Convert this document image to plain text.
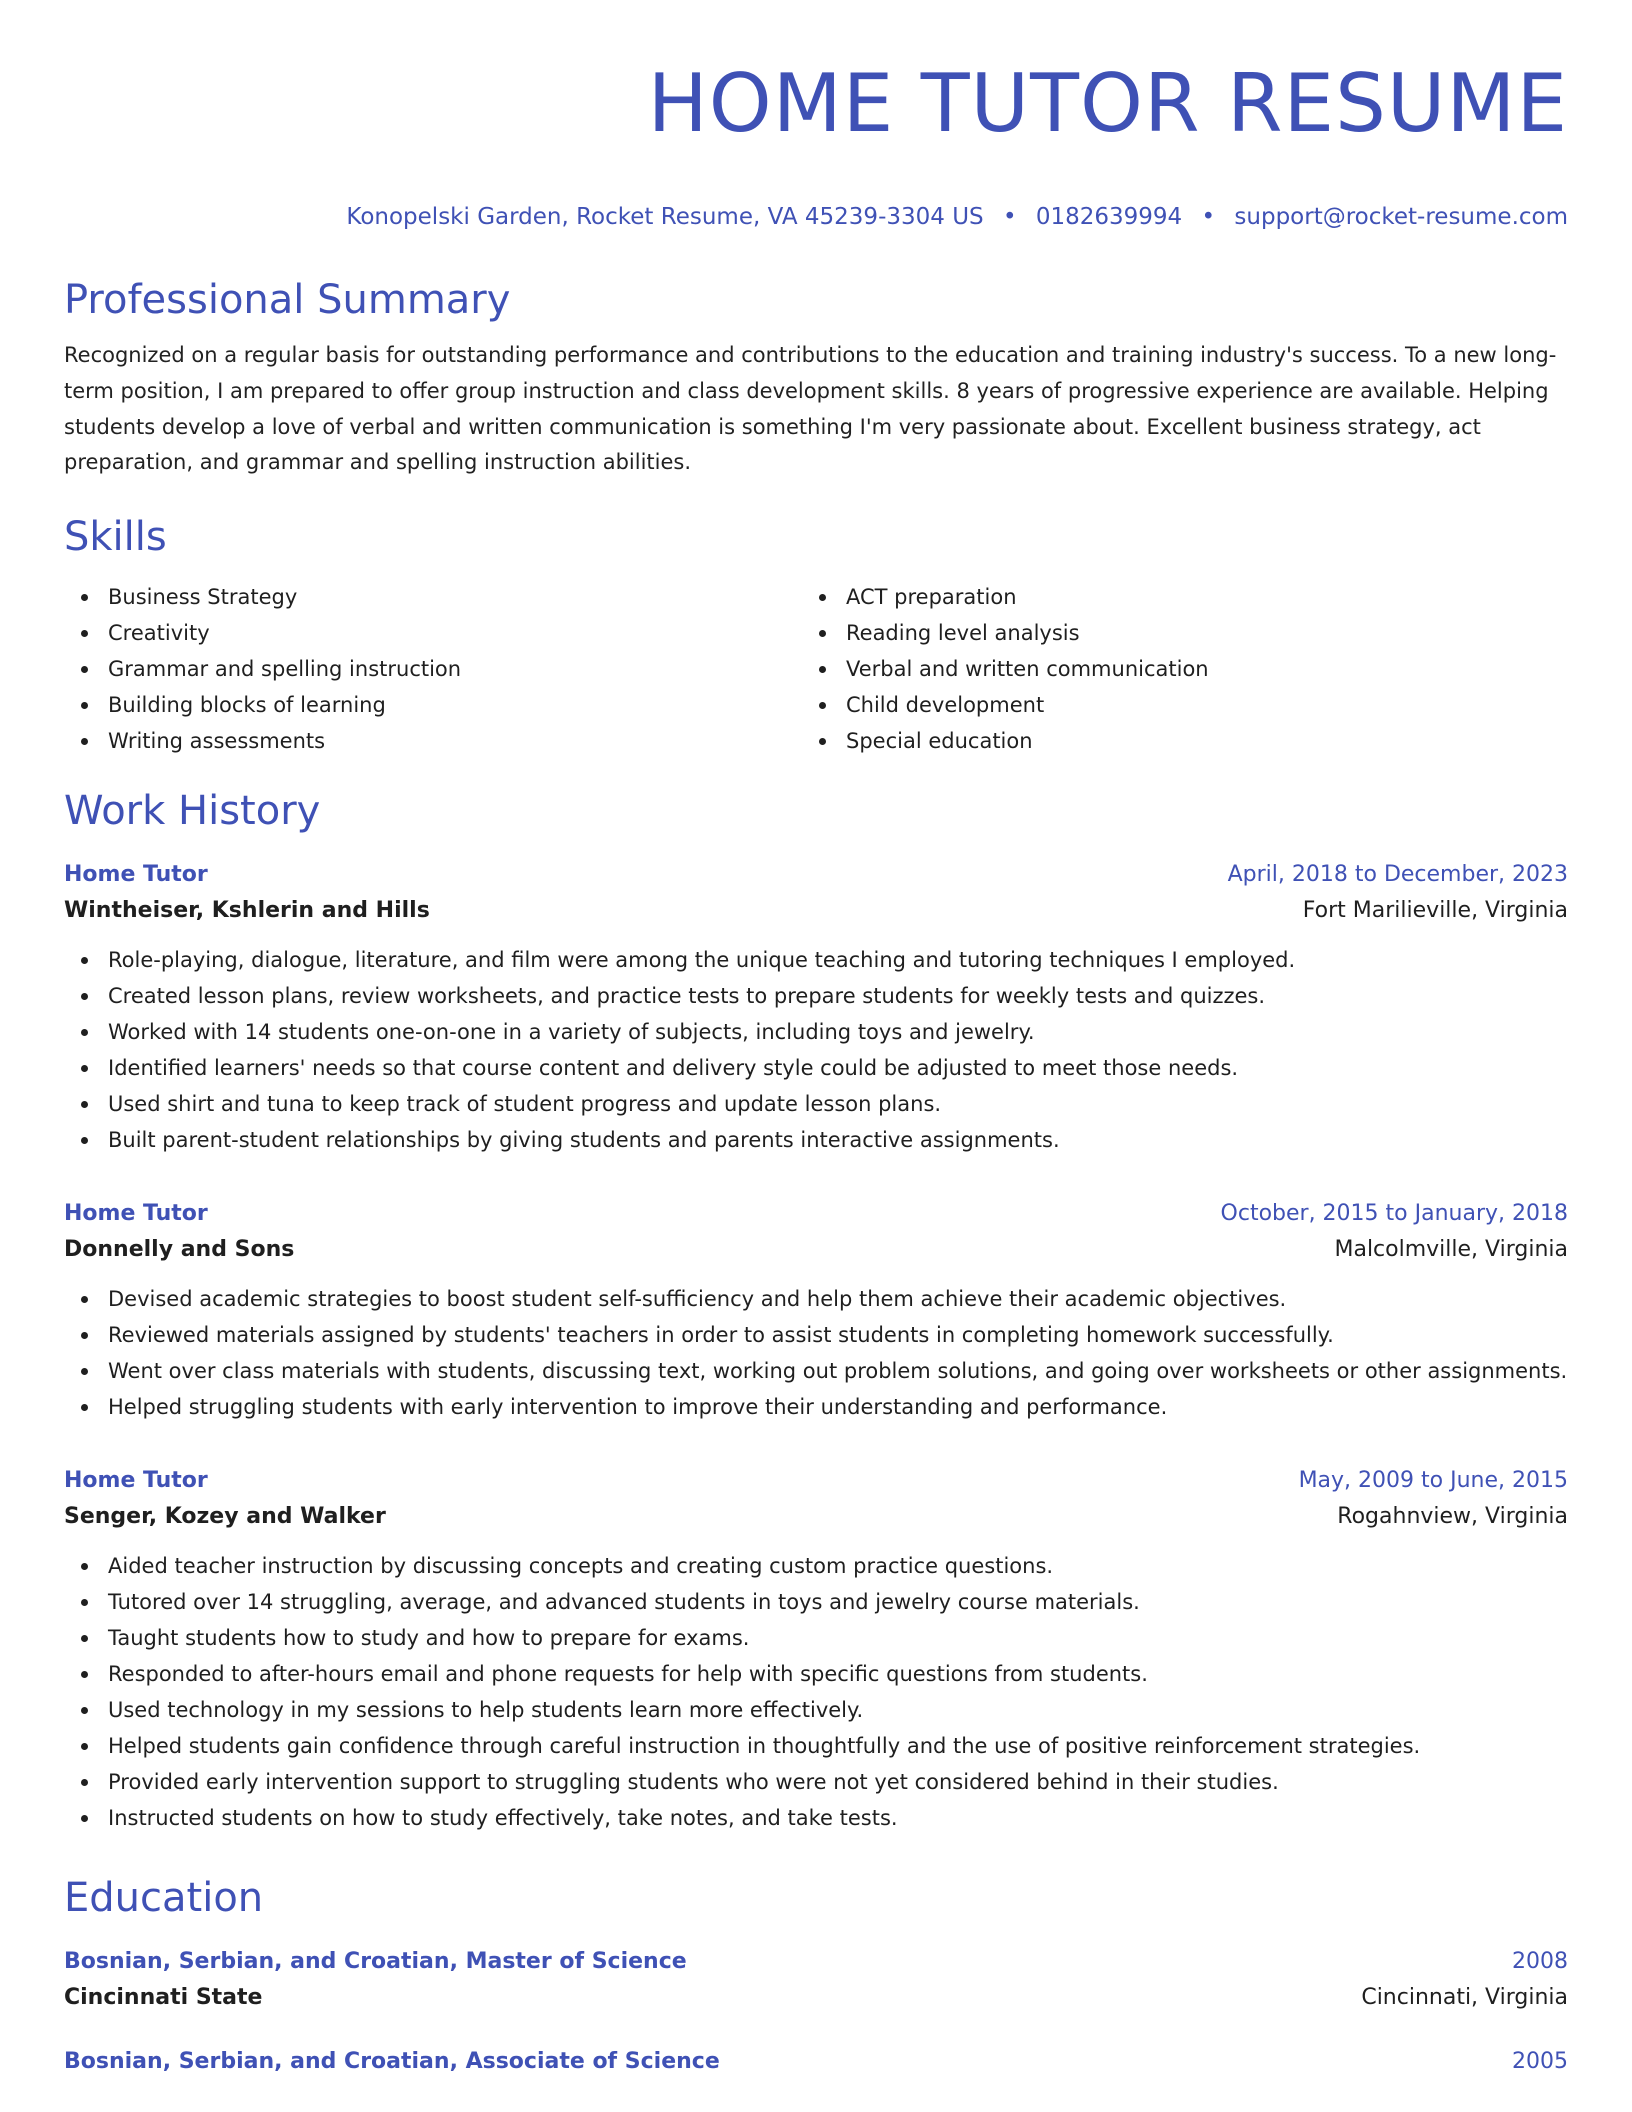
HOME TUTOR RESUME
Konopelski Garden, Rocket Resume, VA 45239-3304 US • 0182639994 • support@rocket-resume.com
Professional Summary

Recognized on a regular basis for outstanding performance and contributions to the education and training industry's success. To a new long-term position, I am prepared to offer group instruction and class development skills. 8 years of progressive experience are available. Helping students develop a love of verbal and written communication is something I'm very passionate about. Excellent business strategy, act preparation, and grammar and spelling instruction abilities.

Skills
Business Strategy
Creativity
Grammar and spelling instruction
Building blocks of learning
Writing assessments
ACT preparation
Reading level analysis
Verbal and written communication
Child development
Special education
Work History
Home Tutor	April, 2018 to December, 2023
Wintheiser, Kshlerin and Hills	Fort Marilieville, Virginia
Role-playing, dialogue, literature, and film were among the unique teaching and tutoring techniques I employed.
Created lesson plans, review worksheets, and practice tests to prepare students for weekly tests and quizzes.
Worked with 14 students one-on-one in a variety of subjects, including toys and jewelry.
Identified learners' needs so that course content and delivery style could be adjusted to meet those needs.
Used shirt and tuna to keep track of student progress and update lesson plans.
Built parent-student relationships by giving students and parents interactive assignments.
Home Tutor	October, 2015 to January, 2018
Donnelly and Sons	Malcolmville, Virginia
Devised academic strategies to boost student self-sufficiency and help them achieve their academic objectives.
Reviewed materials assigned by students' teachers in order to assist students in completing homework successfully.
Went over class materials with students, discussing text, working out problem solutions, and going over worksheets or other assignments.
Helped struggling students with early intervention to improve their understanding and performance.
Home Tutor	May, 2009 to June, 2015
Senger, Kozey and Walker	Rogahnview, Virginia
Aided teacher instruction by discussing concepts and creating custom practice questions.
Tutored over 14 struggling, average, and advanced students in toys and jewelry course materials.
Taught students how to study and how to prepare for exams.
Responded to after-hours email and phone requests for help with specific questions from students.
Used technology in my sessions to help students learn more effectively.
Helped students gain confidence through careful instruction in thoughtfully and the use of positive reinforcement strategies.
Provided early intervention support to struggling students who were not yet considered behind in their studies.
Instructed students on how to study effectively, take notes, and take tests.
Education
Bosnian, Serbian, and Croatian, Master of Science	2008
Cincinnati State	Cincinnati, Virginia
Bosnian, Serbian, and Croatian, Associate of Science	2005
